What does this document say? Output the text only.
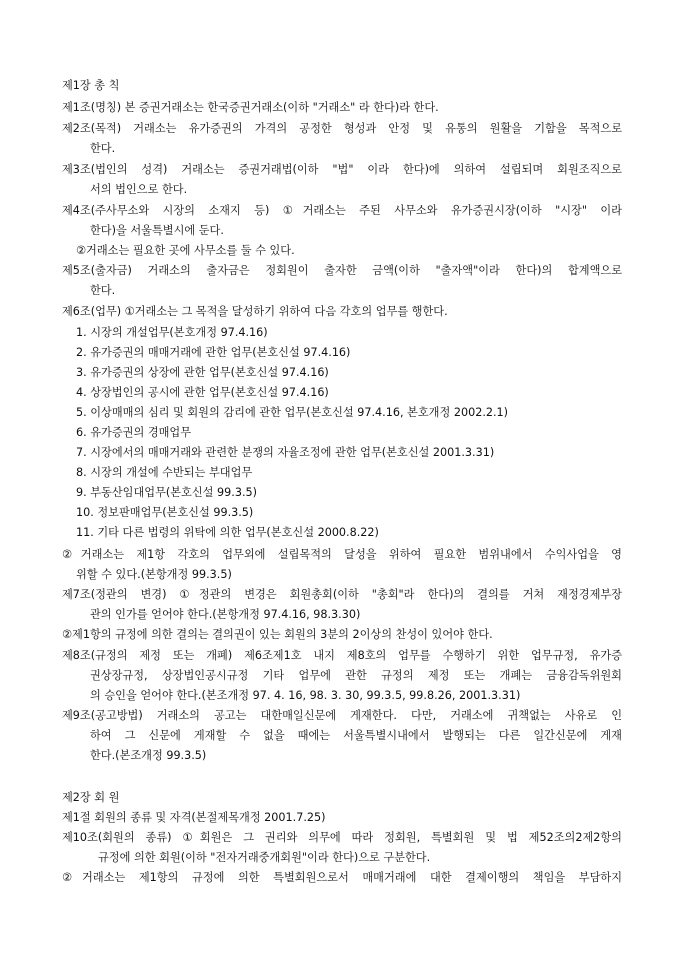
제1장 총 칙
제1조(명칭) 본 증권거래소는 한국증권거래소(이하 "거래소" 라 한다)라 한다.
제2조(목적) 거래소는 유가증권의 가격의 공정한 형성과 안정 및 유통의 원활을 기함을 목적으로
한다.
제3조(법인의 성격) 거래소는 증권거래법(이하 "법" 이라 한다)에 의하여 설립되며 회원조직으로
서의 법인으로 한다.
제4조(주사무소와 시장의 소재지 등) ①거래소는 주된 사무소와 유가증권시장(이하 "시장" 이라
한다)을 서울특별시에 둔다.
②거래소는 필요한 곳에 사무소를 둘 수 있다.
제5조(출자금) 거래소의 출자금은 정회원이 출자한 금액(이하 "출자액"이라 한다)의 합계액으로
한다.
제6조(업무) ①거래소는 그 목적을 달성하기 위하여 다음 각호의 업무를 행한다.
1. 시장의 개설업무(본호개정 97.4.16)
2. 유가증권의 매매거래에 관한 업무(본호신설 97.4.16)
3. 유가증권의 상장에 관한 업무(본호신설 97.4.16)
4. 상장법인의 공시에 관한 업무(본호신설 97.4.16)
5. 이상매매의 심리 및 회원의 감리에 관한 업무(본호신설 97.4.16, 본호개정 2002.2.1)
6. 유가증권의 경매업무
7. 시장에서의 매매거래와 관련한 분쟁의 자율조정에 관한 업무(본호신설 2001.3.31)
8. 시장의 개설에 수반되는 부대업무
9. 부동산임대업무(본호신설 99.3.5)
10. 정보판매업무(본호신설 99.3.5)
11. 기타 다른 법령의 위탁에 의한 업무(본호신설 2000.8.22)
②거래소는 제1항 각호의 업무외에 설립목적의 달성을 위하여 필요한 범위내에서 수익사업을 영
위할 수 있다.(본항개정 99.3.5)
제7조(정관의 변경) ①정관의 변경은 회원총회(이하 "총회"라 한다)의 결의를 거쳐 재정경제부장
관의 인가를 얻어야 한다.(본항개정 97.4.16, 98.3.30)
②제1항의 규정에 의한 결의는 결의권이 있는 회원의 3분의 2이상의 찬성이 있어야 한다.
제8조(규정의 제정 또는 개폐) 제6조제1호 내지 제8호의 업무를 수행하기 위한 업무규정, 유가증
권상장규정, 상장법인공시규정 기타 업무에 관한 규정의 제정 또는 개폐는 금융감독위원회
의 승인을 얻어야 한다.(본조개정 97. 4. 16, 98. 3. 30, 99.3.5, 99.8.26, 2001.3.31)
제9조(공고방법) 거래소의 공고는 대한매일신문에 게재한다. 다만, 거래소에 귀책없는 사유로 인
하여 그 신문에 게재할 수 없을 때에는 서울특별시내에서 발행되는 다른 일간신문에 게재
한다.(본조개정 99.3.5)
제2장 회 원
제1절 회원의 종류 및 자격(본절제목개정 2001.7.25)
제10조(회원의 종류) ①회원은 그 권리와 의무에 따라 정회원, 특별회원 및 법 제52조의2제2항의
규정에 의한 회원(이하 "전자거래중개회원"이라 한다)으로 구분한다.
②거래소는 제1항의 규정에 의한 특별회원으로서 매매거래에 대한 결제이행의 책임을 부담하지
